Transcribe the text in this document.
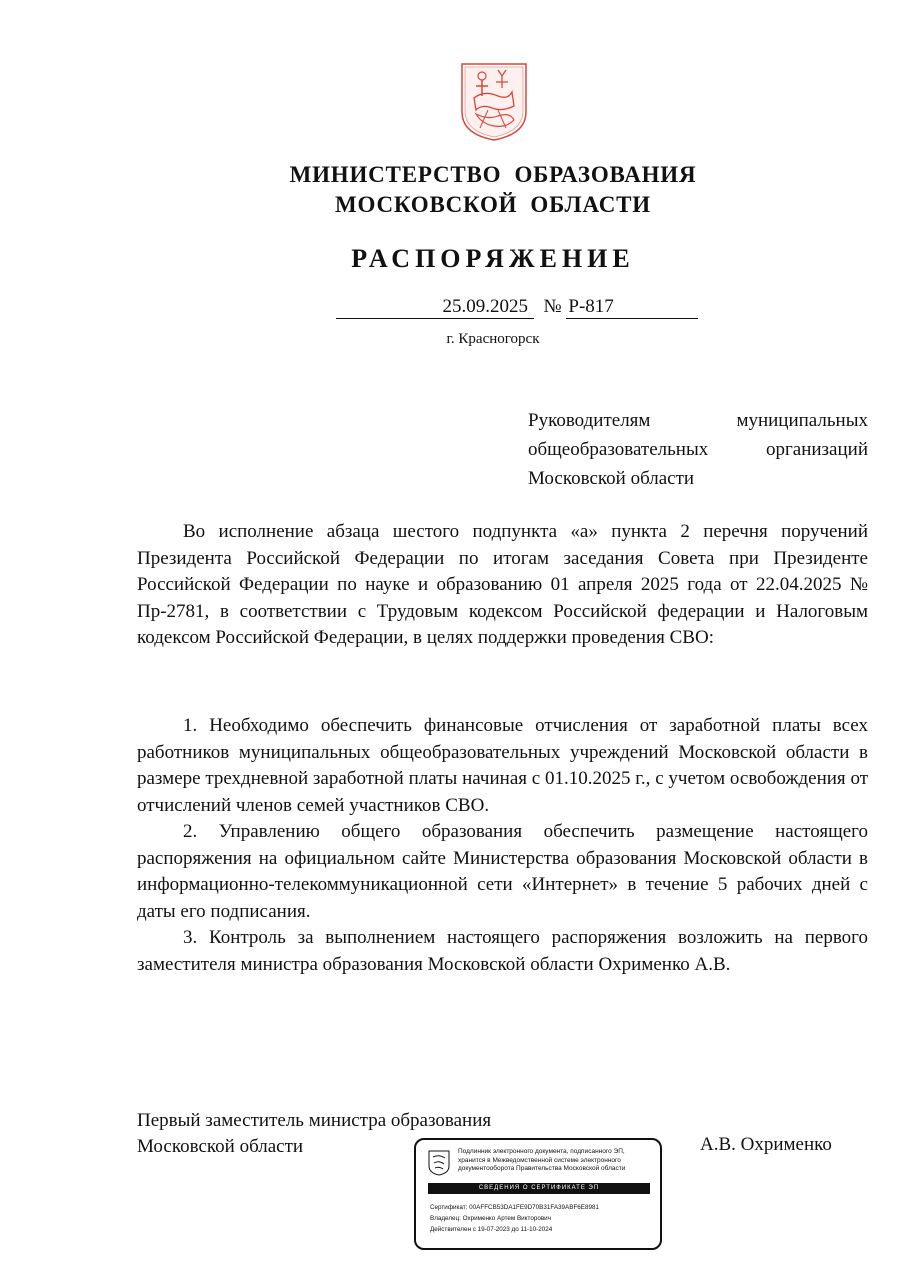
МИНИСТЕРСТВО  ОБРАЗОВАНИЯ
МОСКОВСКОЙ  ОБЛАСТИ
РАСПОРЯЖЕНИЕ
25.09.2025 № Р-817
г. Красногорск
Руководителям муниципальных общеобразовательных организаций Московской области

Во исполнение абзаца шестого подпункта «а» пункта 2 перечня поручений Президента Российской Федерации по итогам заседания Совета при Президенте Российской Федерации по науке и образованию 01 апреля 2025 года от 22.04.2025 № Пр-2781, в соответствии с Трудовым кодексом Российской федерации и Налоговым кодексом Российской Федерации, в целях поддержки проведения СВО:

1. Необходимо обеспечить финансовые отчисления от заработной платы всех работников муниципальных общеобразовательных учреждений Московской области в размере трехдневной заработной платы начиная с 01.10.2025 г., с учетом освобождения от отчислений членов семей участников СВО.

2. Управлению общего образования обеспечить размещение настоящего распоряжения на официальном сайте Министерства образования Московской области в информационно-телекоммуникационной сети «Интернет» в течение 5 рабочих дней с даты его подписания.

3. Контроль за выполнением настоящего распоряжения возложить на первого заместителя министра образования Московской области Охрименко А.В.

Первый заместитель министра образования
Московской области	А.В. Охрименко
Подлинник электронного документа, подписанного ЭП,
хранится в Межведомственной системе электронного
документооборота Правительства Московской области
СВЕДЕНИЯ О СЕРТИФИКАТЕ ЭП
Сертификат: 00AFFCB53DA1FE9D70B31FA39ABF6E8981
Владелец: Охрименко Артем Викторович
Действителен с 19-07-2023 до 11-10-2024
